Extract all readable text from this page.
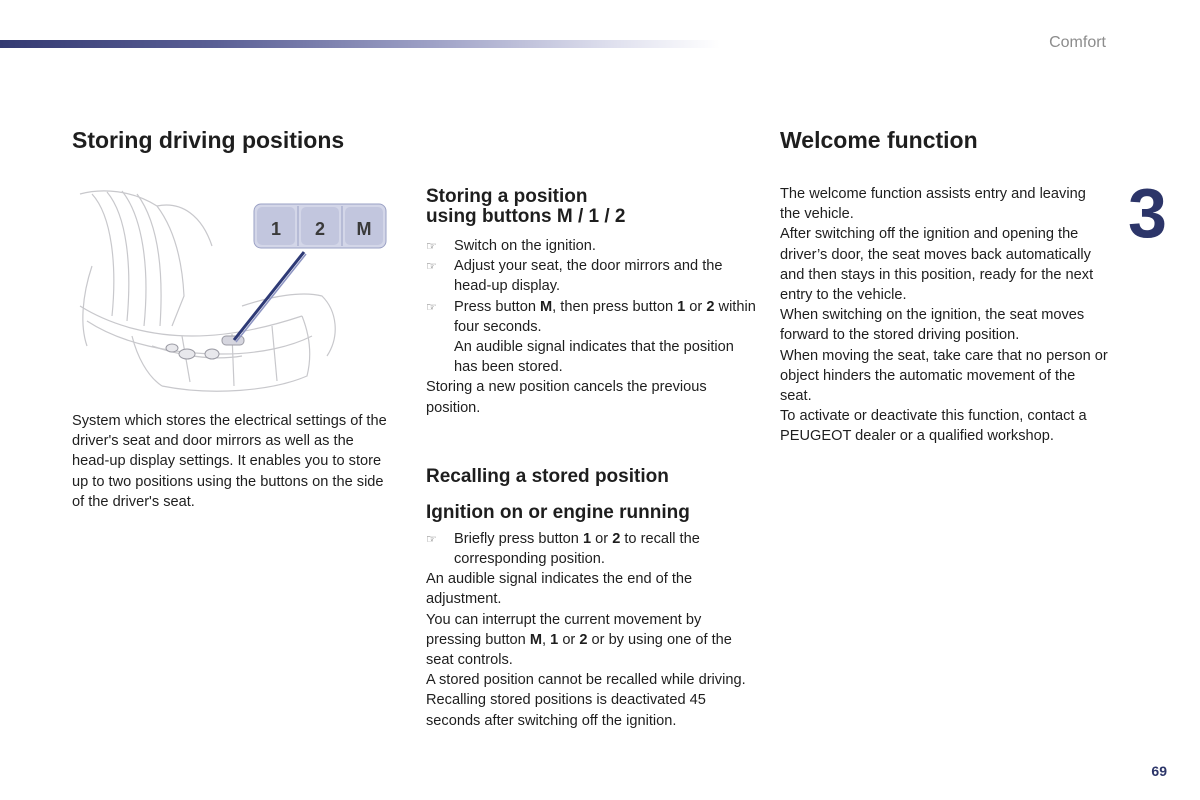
Comfort
3
69
Storing driving positions
1 2 M

System which stores the electrical settings of the driver's seat and door mirrors as well as the head-up display settings. It enables you to store up to two positions using the buttons on the side of the driver's seat.

Storing a position
using buttons M / 1 / 2
☞ Switch on the ignition.
☞ Adjust your seat, the door mirrors and the head-up display.
☞ Press button M, then press button 1 or 2 within four seconds.

An audible signal indicates that the position has been stored.

Storing a new position cancels the previous position.

Recalling a stored position
Ignition on or engine running
☞ Briefly press button 1 or 2 to recall the corresponding position.

An audible signal indicates the end of the adjustment.

You can interrupt the current movement by pressing button M, 1 or 2 or by using one of the seat controls.

A stored position cannot be recalled while driving.

Recalling stored positions is deactivated 45 seconds after switching off the ignition.

Welcome function

The welcome function assists entry and leaving the vehicle.

After switching off the ignition and opening the driver’s door, the seat moves back automatically and then stays in this position, ready for the next entry to the vehicle.

When switching on the ignition, the seat moves forward to the stored driving position.

When moving the seat, take care that no person or object hinders the automatic movement of the seat.

To activate or deactivate this function, contact a PEUGEOT dealer or a qualified workshop.
